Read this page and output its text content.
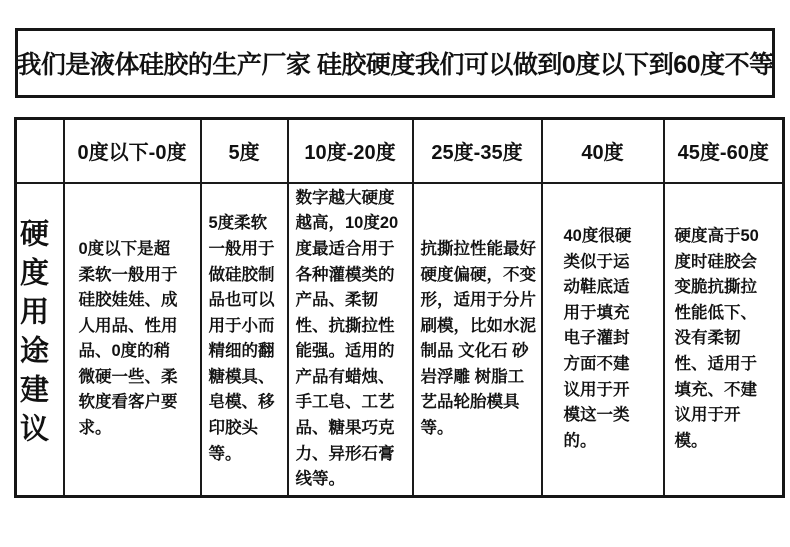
我们是液体硅胶的生产厂家 硅胶硬度我们可以做到0度以下到60度不等
	0度以下-0度	5度	10度-20度	25度-35度	40度	45度-60度
硬度用途建议	0度以下是超柔软一般用于硅胶娃娃、成人用品、性用品、0度的稍微硬一些、柔软度看客户要求。	5度柔软 一般用于做硅胶制品也可以用于小而精细的翻糖模具、皂模、移印胶头等。	数字越大硬度越高，10度20度最适合用于各种灌模类的产品、柔韧性、抗撕拉性能强。适用的产品有蜡烛、手工皂、工艺品、糖果巧克力、异形石膏线等。	抗撕拉性能最好硬度偏硬，不变形，适用于分片刷模，比如水泥制品 文化石 砂岩浮雕 树脂工艺品轮胎模具等。	40度很硬类似于运动鞋底适用于填充电子灌封方面不建议用于开模这一类的。	硬度高于50度时硅胶会变脆抗撕拉性能低下、没有柔韧性、适用于填充、不建议用于开模。
